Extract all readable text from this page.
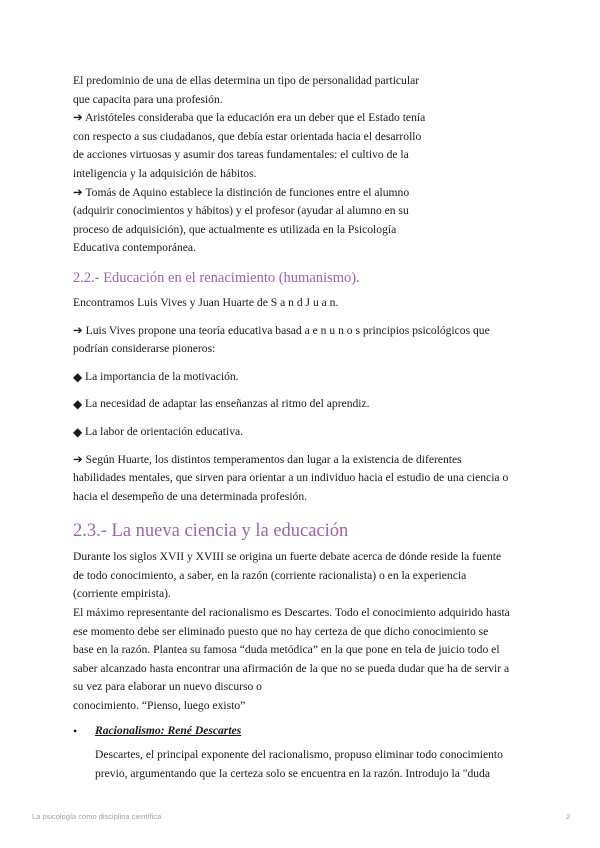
El predominio de una de ellas determina un tipo de personalidad particular
que capacita para una profesión.
➔ Aristóteles consideraba que la educación era un deber que el Estado tenía
con respecto a sus ciudadanos, que debía estar orientada hacia el desarrollo
de acciones virtuosas y asumir dos tareas fundamentales: el cultivo de la
inteligencia y la adquisición de hábitos.
➔ Tomás de Aquino establece la distinción de funciones entre el alumno
(adquirir conocimientos y hábitos) y el profesor (ayudar al alumno en su
proceso de adquisición), que actualmente es utilizada en la Psicología
Educativa contemporánea.
2.2.- Educación en el renacimiento (humanismo).
Encontramos Luis Vives y Juan Huarte de S a n d J u a n.
➔ Luis Vives propone una teoría educativa basad a e n u n o s principios psicológicos que
podrían considerarse pioneros:
◆ La importancia de la motivación.
◆ La necesidad de adaptar las enseñanzas al ritmo del aprendiz.
◆ La labor de orientación educativa.
➔ Según Huarte, los distintos temperamentos dan lugar a la existencia de diferentes
habilidades mentales, que sirven para orientar a un individuo hacia el estudio de una ciencia o
hacia el desempeño de una determinada profesión.
2.3.- La nueva ciencia y la educación
Durante los siglos XVII y XVIII se origina un fuerte debate acerca de dónde reside la fuente
de todo conocimiento, a saber, en la razón (corriente racionalista) o en la experiencia
(corriente empirista).
El máximo representante del racionalismo es Descartes. Todo el conocimiento adquirido hasta
ese momento debe ser eliminado puesto que no hay certeza de que dicho conocimiento se
base en la razón. Plantea su famosa “duda metódica” en la que pone en tela de juicio todo el
saber alcanzado hasta encontrar una afirmación de la que no se pueda dudar que ha de servir a
su vez para elaborar un nuevo discurso o
conocimiento. “Pienso, luego existo”
•	Racionalismo: René Descartes
Descartes, el principal exponente del racionalismo, propuso eliminar todo conocimiento
previo, argumentando que la certeza solo se encuentra en la razón. Introdujo la "duda
La psicología como disciplina científica	2
